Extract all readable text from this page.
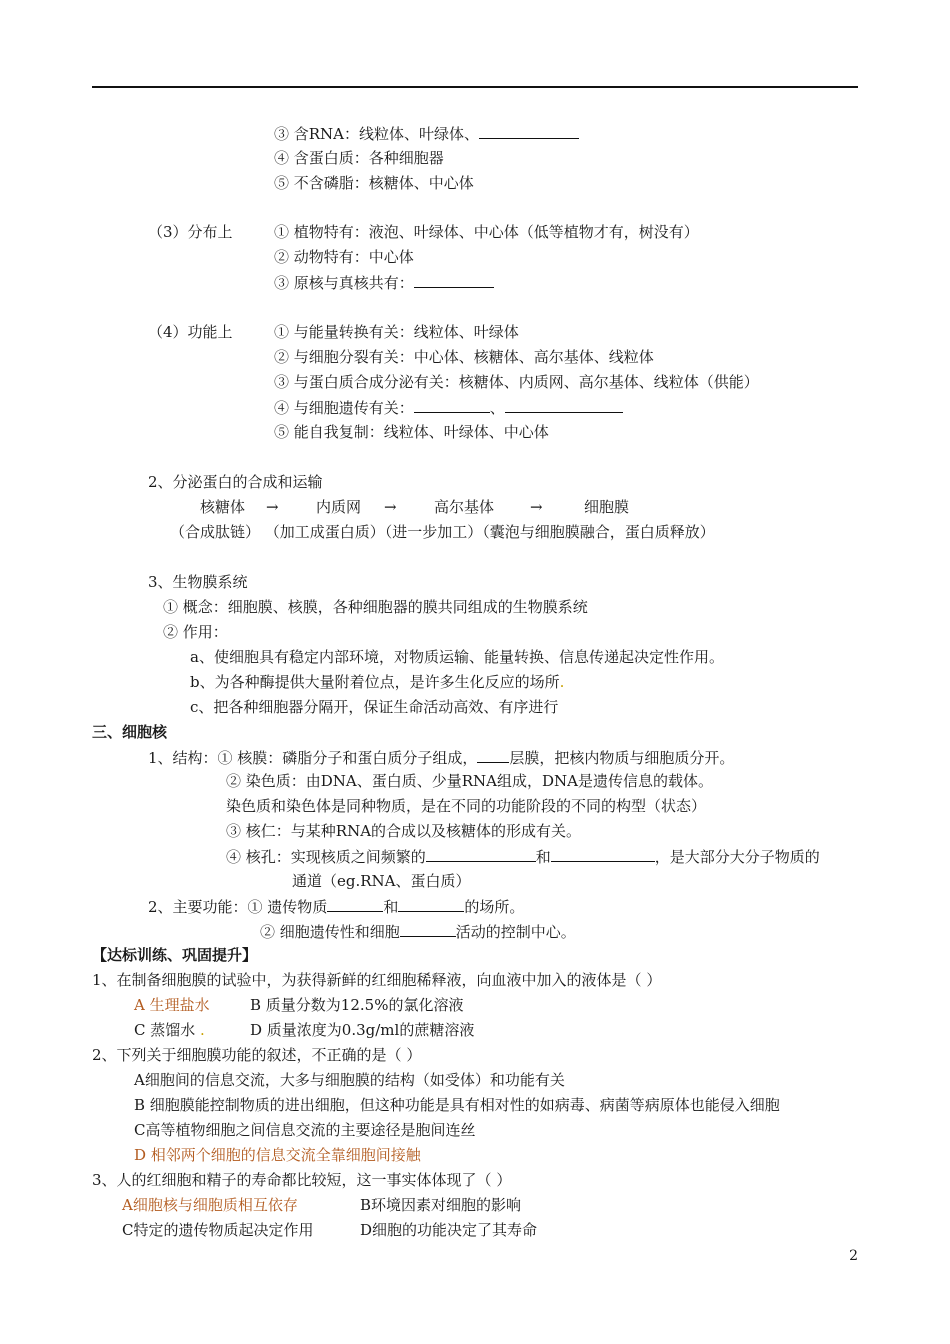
③ 含RNA：线粒体、叶绿体、
④ 含蛋白质：各种细胞器
⑤ 不含磷脂：核糖体、中心体
（3）分布上	① 植物特有：液泡、叶绿体、中心体（低等植物才有，树没有）
② 动物特有：中心体
③ 原核与真核共有：
（4）功能上	① 与能量转换有关：线粒体、叶绿体
② 与细胞分裂有关：中心体、核糖体、高尔基体、线粒体
③ 与蛋白质合成分泌有关：核糖体、内质网、高尔基体、线粒体（供能）
④ 与细胞遗传有关：	、
⑤ 能自我复制：线粒体、叶绿体、中心体
2、分泌蛋白的合成和运输
核糖体 → 内质网 → 高尔基体 →	细胞膜
（合成肽链） （加工成蛋白质）（进一步加工）（囊泡与细胞膜融合，蛋白质释放）
3、生物膜系统
① 概念：细胞膜、核膜，各种细胞器的膜共同组成的生物膜系统
② 作用：
a、使细胞具有稳定内部环境，对物质运输、能量转换、信息传递起决定性作用。
b、为各种酶提供大量附着位点，是许多生化反应的场所.
c、把各种细胞器分隔开，保证生命活动高效、有序进行
三、细胞核
1、结构：① 核膜：磷脂分子和蛋白质分子组成， 层膜，把核内物质与细胞质分开。
② 染色质：由DNA、蛋白质、少量RNA组成，DNA是遗传信息的载体。
染色质和染色体是同种物质，是在不同的功能阶段的不同的构型（状态）
③ 核仁：与某种RNA的合成以及核糖体的形成有关。
④ 核孔：实现核质之间频繁的	和	，是大部分大分子物质的
通道（eg.RNA、蛋白质）
2、主要功能：① 遗传物质	和	的场所。
② 细胞遗传性和细胞	活动的控制中心。
【达标训练、巩固提升】
1、在制备细胞膜的试验中，为获得新鲜的红细胞稀释液，向血液中加入的液体是（ ）
A 生理盐水	B 质量分数为12.5%的氯化溶液
C 蒸馏水 .	D 质量浓度为0.3g/ml的蔗糖溶液
2、下列关于细胞膜功能的叙述，不正确的是（ ）
A细胞间的信息交流，大多与细胞膜的结构（如受体）和功能有关
B 细胞膜能控制物质的进出细胞，但这种功能是具有相对性的如病毒、病菌等病原体也能侵入细胞
C高等植物细胞之间信息交流的主要途径是胞间连丝
D 相邻两个细胞的信息交流全靠细胞间接触
3、人的红细胞和精子的寿命都比较短，这一事实体体现了（ ）
A细胞核与细胞质相互依存	B环境因素对细胞的影响
C特定的遗传物质起决定作用	D细胞的功能决定了其寿命
2
